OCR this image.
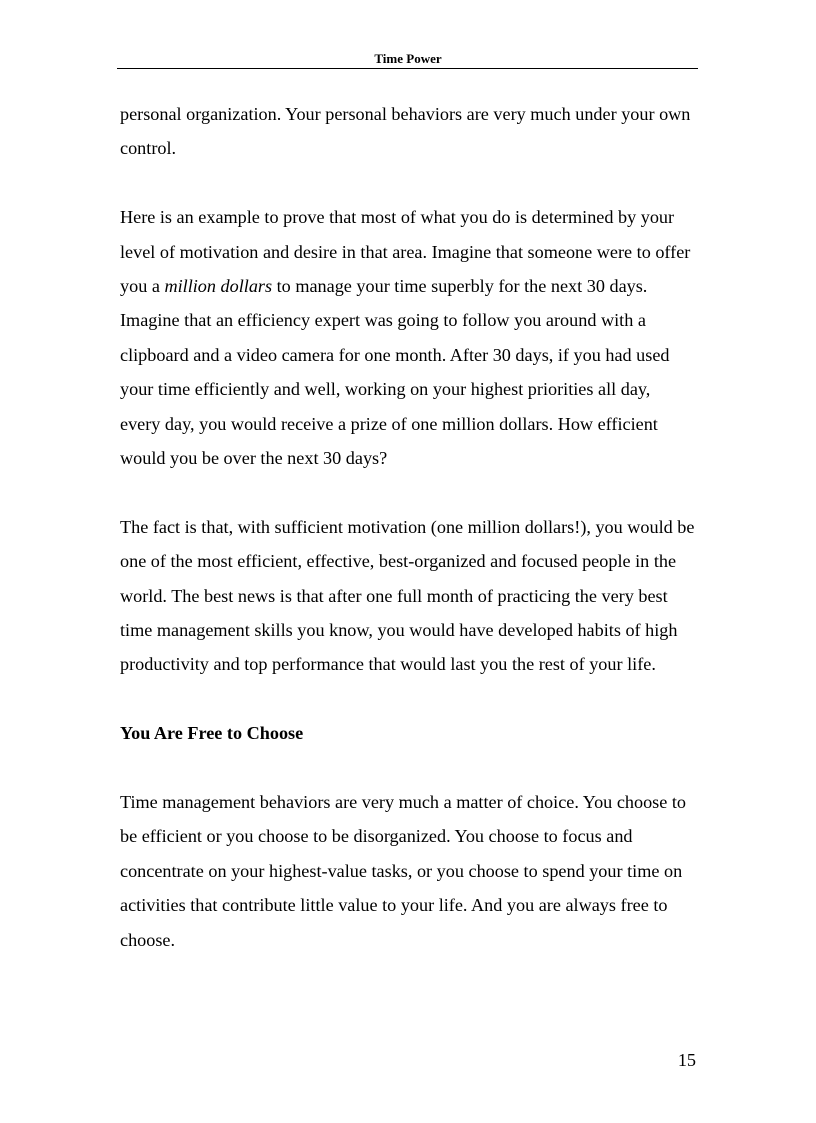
Time Power

personal organization. Your personal behaviors are very much under your own control.

Here is an example to prove that most of what you do is determined by your level of motivation and desire in that area. Imagine that someone were to offer you a million dollars to manage your time superbly for the next 30 days. Imagine that an efficiency expert was going to follow you around with a clipboard and a video camera for one month. After 30 days, if you had used your time efficiently and well, working on your highest priorities all day, every day, you would receive a prize of one million dollars. How efficient would you be over the next 30 days?

The fact is that, with sufficient motivation (one million dollars!), you would be one of the most efficient, effective, best-organized and focused people in the world. The best news is that after one full month of practicing the very best time management skills you know, you would have developed habits of high productivity and top performance that would last you the rest of your life.

You Are Free to Choose

Time management behaviors are very much a matter of choice. You choose to be efficient or you choose to be disorganized. You choose to focus and concentrate on your highest-value tasks, or you choose to spend your time on activities that contribute little value to your life. And you are always free to choose.

15
